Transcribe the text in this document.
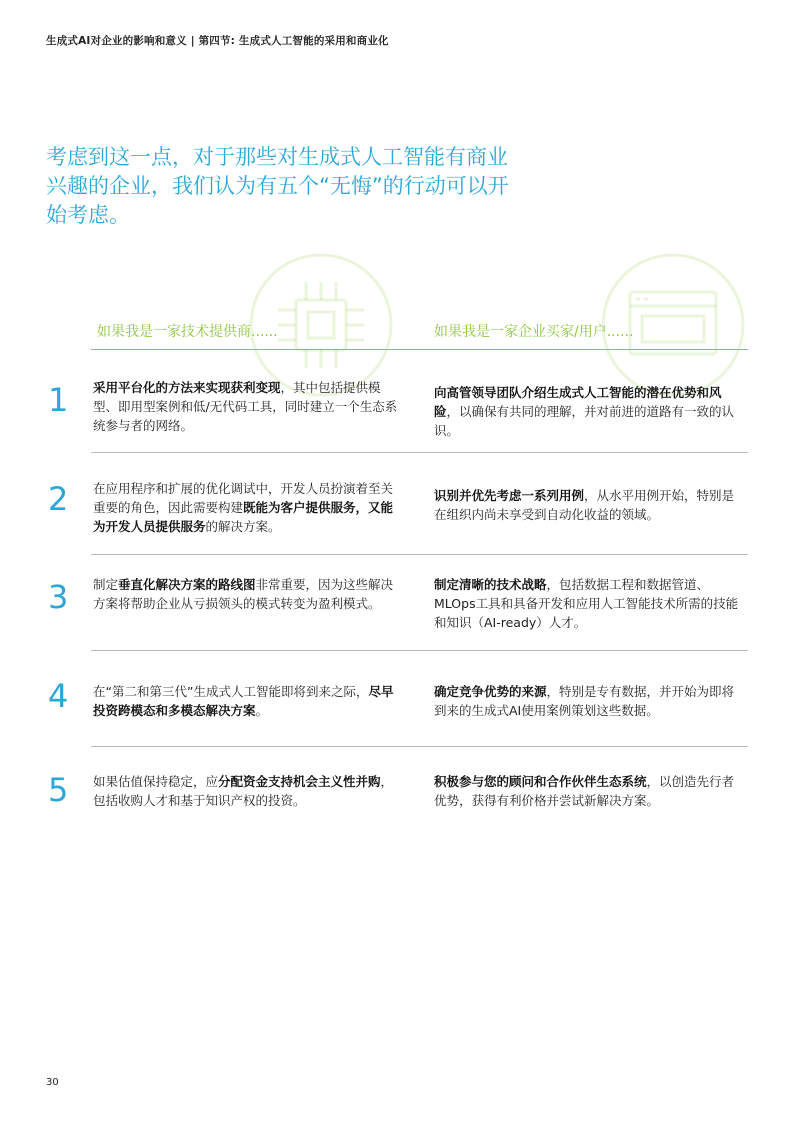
生成式AI对企业的影响和意义 | 第四节: 生成式人工智能的采用和商业化
考虑到这一点，对于那些对生成式人工智能有商业兴趣的企业，我们认为有五个“无悔”的行动可以开始考虑。
如果我是一家技术提供商......	如果我是一家企业买家/用户......
1 采用平台化的方法来实现获利变现，其中包括提供模型、即用型案例和低/无代码工具，同时建立一个生态系统参与者的网络。
向高管领导团队介绍生成式人工智能的潜在优势和风险，以确保有共同的理解，并对前进的道路有一致的认识。
2 在应用程序和扩展的优化调试中，开发人员扮演着至关重要的角色，因此需要构建既能为客户提供服务，又能为开发人员提供服务的解决方案。
识别并优先考虑一系列用例，从水平用例开始，特别是在组织内尚未享受到自动化收益的领域。
3 制定垂直化解决方案的路线图非常重要，因为这些解决方案将帮助企业从亏损领头的模式转变为盈利模式。
制定清晰的技术战略，包括数据工程和数据管道、MLOps工具和具备开发和应用人工智能技术所需的技能和知识（AI-ready）人才。
4 在“第二和第三代”生成式人工智能即将到来之际，尽早投资跨模态和多模态解决方案。
确定竞争优势的来源，特别是专有数据，并开始为即将到来的生成式AI使用案例策划这些数据。
5 如果估值保持稳定，应分配资金支持机会主义性并购，包括收购人才和基于知识产权的投资。
积极参与您的顾问和合作伙伴生态系统，以创造先行者优势，获得有利价格并尝试新解决方案。
30
